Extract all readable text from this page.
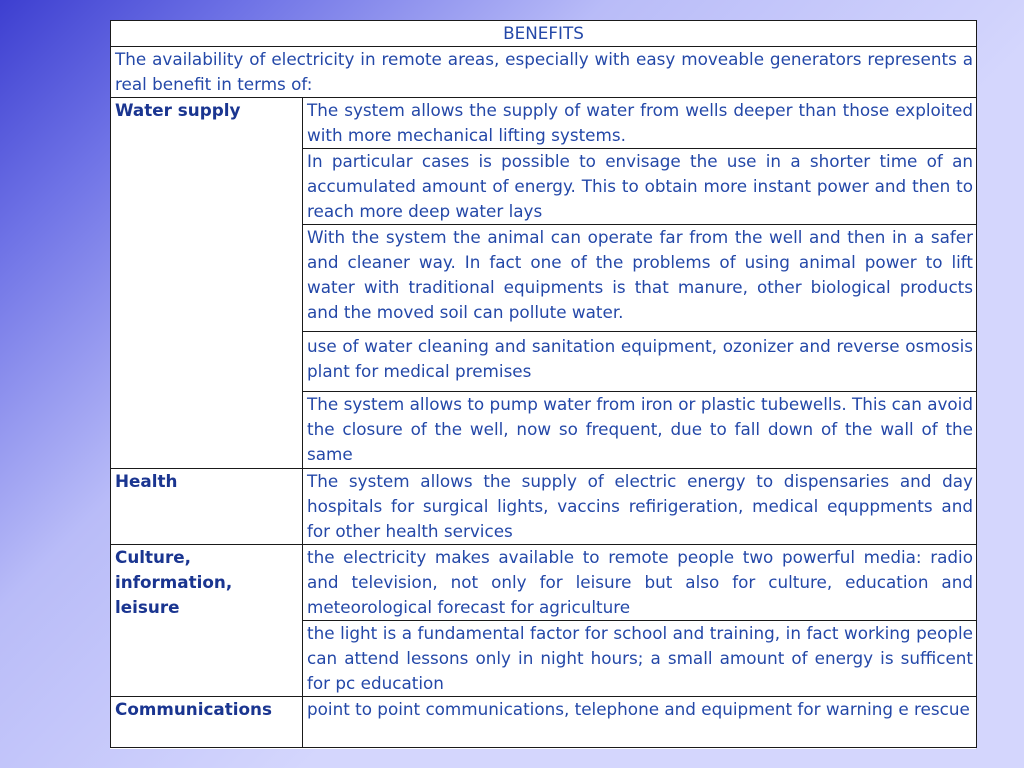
BENEFITS	
The availability of electricity in remote areas, especially with easy moveable generators represents a real benefit in terms of:	
Water supply	The system allows the supply of water from wells deeper than those exploited with more mechanical lifting systems.
	In particular cases is possible to envisage the use in a shorter time of an accumulated amount of energy. This to obtain more instant power and then to reach more deep water lays
	With the system the animal can operate far from the well and then in a safer and cleaner way. In fact one of the problems of using animal power to lift water with traditional equipments is that manure, other biological products and the moved soil can pollute water.
	use of water cleaning and sanitation equipment, ozonizer and reverse osmosis plant for medical premises
	The system allows to pump water from iron or plastic tubewells. This can avoid the closure of the well, now so frequent, due to fall down of the wall of the same
Health	The system allows the supply of electric energy to dispensaries and day hospitals for surgical lights, vaccins refirigeration, medical equppments and for other health services

Culture,
information,
leisure	the electricity makes available to remote people two powerful media: radio and television, not only for leisure but also for culture, education and meteorological forecast for agriculture
	the light is a fundamental factor for school and training, in fact working people can attend lessons only in night hours; a small amount of energy is sufficent for pc education
Communications	point to point communications, telephone and equipment for warning e rescue
